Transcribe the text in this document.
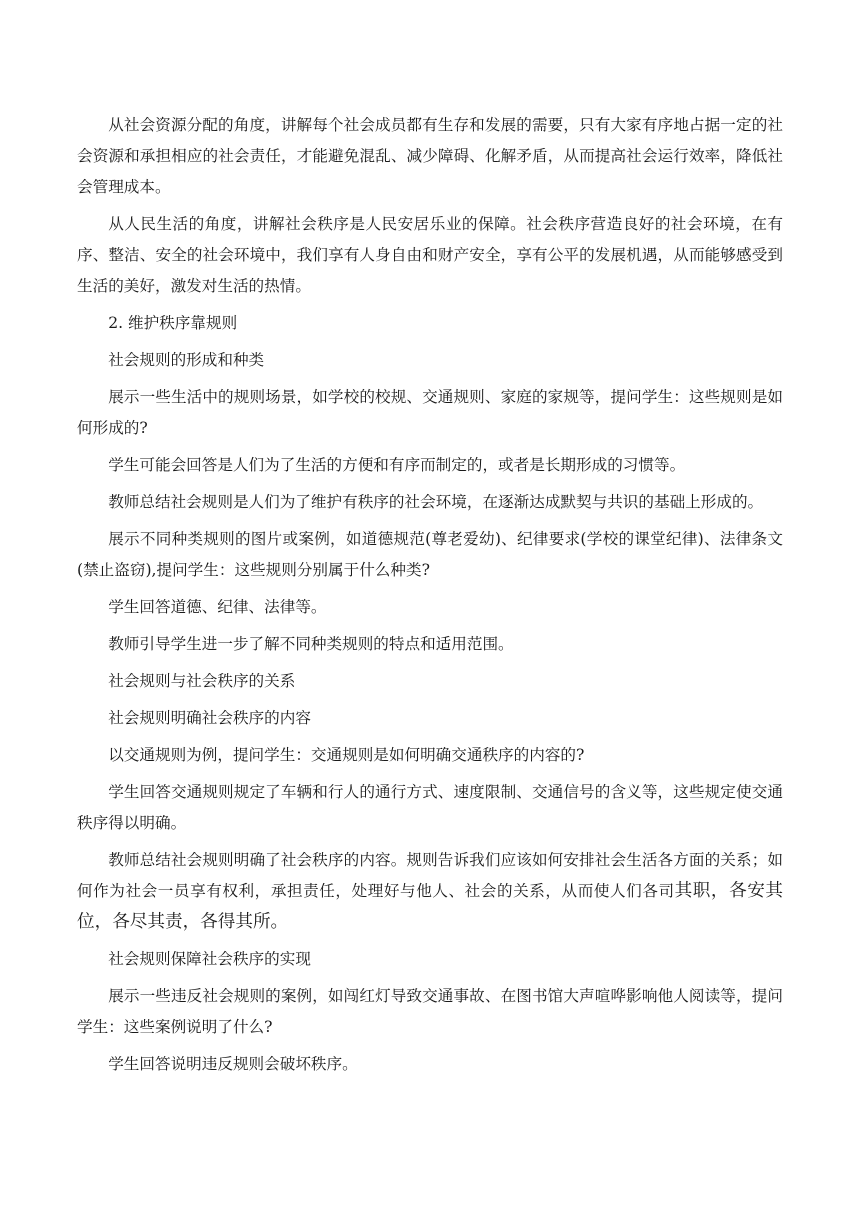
从社会资源分配的角度，讲解每个社会成员都有生存和发展的需要，只有大家有序地占据一定的社会资源和承担相应的社会责任，才能避免混乱、减少障碍、化解矛盾，从而提高社会运行效率，降低社会管理成本。

从人民生活的角度，讲解社会秩序是人民安居乐业的保障。社会秩序营造良好的社会环境，在有序、整洁、安全的社会环境中，我们享有人身自由和财产安全，享有公平的发展机遇，从而能够感受到生活的美好，激发对生活的热情。

2. 维护秩序靠规则

社会规则的形成和种类

展示一些生活中的规则场景，如学校的校规、交通规则、家庭的家规等，提问学生：这些规则是如何形成的?

学生可能会回答是人们为了生活的方便和有序而制定的，或者是长期形成的习惯等。

教师总结社会规则是人们为了维护有秩序的社会环境，在逐渐达成默契与共识的基础上形成的。

展示不同种类规则的图片或案例，如道德规范(尊老爱幼)、纪律要求(学校的课堂纪律)、法律条文(禁止盗窃),提问学生：这些规则分别属于什么种类?

学生回答道德、纪律、法律等。

教师引导学生进一步了解不同种类规则的特点和适用范围。

社会规则与社会秩序的关系

社会规则明确社会秩序的内容

以交通规则为例，提问学生：交通规则是如何明确交通秩序的内容的?

学生回答交通规则规定了车辆和行人的通行方式、速度限制、交通信号的含义等，这些规定使交通秩序得以明确。

教师总结社会规则明确了社会秩序的内容。规则告诉我们应该如何安排社会生活各方面的关系；如何作为社会一员享有权利，承担责任，处理好与他人、社会的关系，从而使人们各司其职，各安其位，各尽其责，各得其所。

社会规则保障社会秩序的实现

展示一些违反社会规则的案例，如闯红灯导致交通事故、在图书馆大声喧哗影响他人阅读等，提问学生：这些案例说明了什么?

学生回答说明违反规则会破坏秩序。
